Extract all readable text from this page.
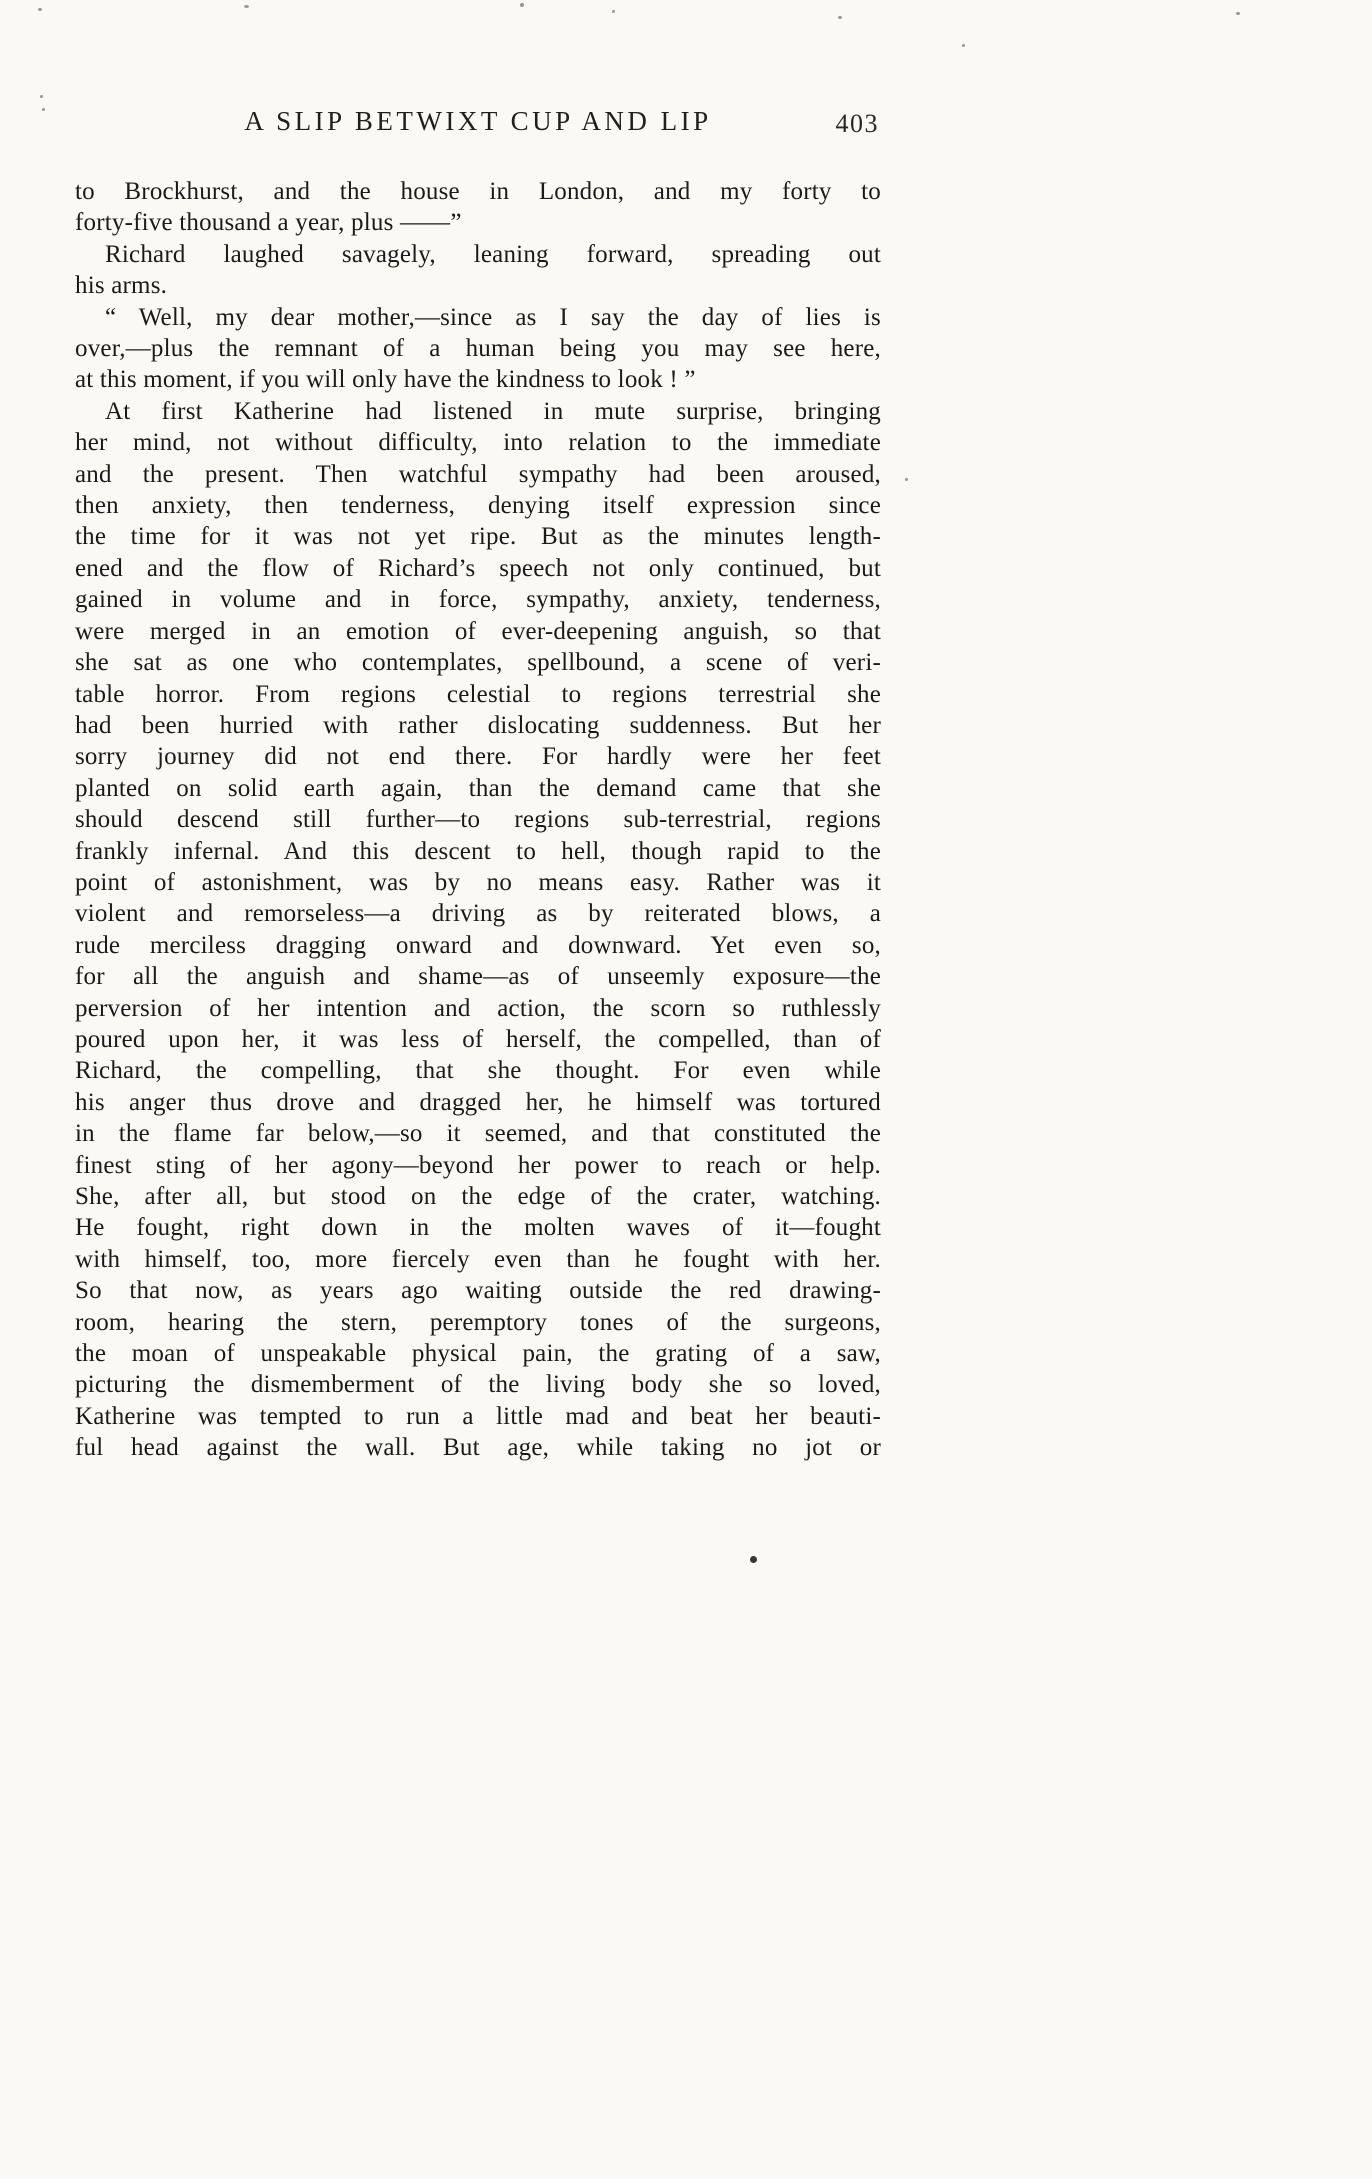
A SLIP BETWIXT CUP AND LIP	403
to Brockhurst, and the house in London, and my forty to
forty-five thousand a year, plus ——”
Richard laughed savagely, leaning forward, spreading out
his arms.
“ Well, my dear mother,—since as I say the day of lies is
over,—plus the remnant of a human being you may see here,
at this moment, if you will only have the kindness to look ! ”
At first Katherine had listened in mute surprise, bringing
her mind, not without difficulty, into relation to the immediate
and the present. Then watchful sympathy had been aroused,
then anxiety, then tenderness, denying itself expression since
the time for it was not yet ripe. But as the minutes length-
ened and the flow of Richard’s speech not only continued, but
gained in volume and in force, sympathy, anxiety, tenderness,
were merged in an emotion of ever-deepening anguish, so that
she sat as one who contemplates, spellbound, a scene of veri-
table horror. From regions celestial to regions terrestrial she
had been hurried with rather dislocating suddenness. But her
sorry journey did not end there. For hardly were her feet
planted on solid earth again, than the demand came that she
should descend still further—to regions sub-terrestrial, regions
frankly infernal. And this descent to hell, though rapid to the
point of astonishment, was by no means easy. Rather was it
violent and remorseless—a driving as by reiterated blows, a
rude merciless dragging onward and downward. Yet even so,
for all the anguish and shame—as of unseemly exposure—the
perversion of her intention and action, the scorn so ruthlessly
poured upon her, it was less of herself, the compelled, than of
Richard, the compelling, that she thought. For even while
his anger thus drove and dragged her, he himself was tortured
in the flame far below,—so it seemed, and that constituted the
finest sting of her agony—beyond her power to reach or help.
She, after all, but stood on the edge of the crater, watching.
He fought, right down in the molten waves of it—fought
with himself, too, more fiercely even than he fought with her.
So that now, as years ago waiting outside the red drawing-
room, hearing the stern, peremptory tones of the surgeons,
the moan of unspeakable physical pain, the grating of a saw,
picturing the dismemberment of the living body she so loved,
Katherine was tempted to run a little mad and beat her beauti-
ful head against the wall. But age, while taking no jot or
